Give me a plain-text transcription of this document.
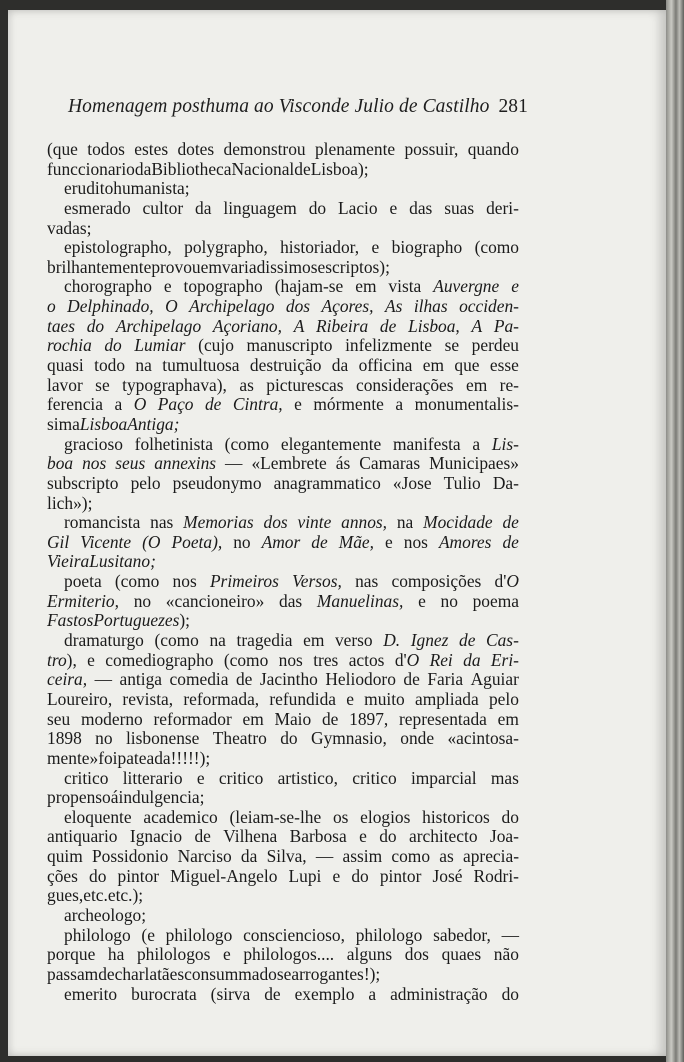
Homenagem posthuma ao Visconde Julio de Castilho 281
(que todos estes dotes demonstrou plenamente possuir, quando
funccionario da Bibliotheca Nacional de Lisboa);
erudito humanista;
esmerado cultor da linguagem do Lacio e das suas deri-
vadas;
epistolographo, polygrapho, historiador, e biographo (como
brilhantemente provou em variadissimos escriptos);
chorographo e topographo (hajam-se em vista Auvergne e
o Delphinado, O Archipelago dos Açores, As ilhas occiden-
taes do Archipelago Açoriano, A Ribeira de Lisboa, A Pa-
rochia do Lumiar (cujo manuscripto infelizmente se perdeu
quasi todo na tumultuosa destruição da officina em que esse
lavor se typographava), as picturescas considerações em re-
ferencia a O Paço de Cintra, e mórmente a monumentalis-
sima Lisboa Antiga;
gracioso folhetinista (como elegantemente manifesta a Lis-
boa nos seus annexins — «Lembrete ás Camaras Municipaes»
subscripto pelo pseudonymo anagrammatico «Jose Tulio Da-
lich»);
romancista nas Memorias dos vinte annos, na Mocidade de
Gil Vicente (O Poeta), no Amor de Mãe, e nos Amores de
Vieira Lusitano;
poeta (como nos Primeiros Versos, nas composições d'O
Ermiterio, no «cancioneiro» das Manuelinas, e no poema
Fastos Portuguezes);
dramaturgo (como na tragedia em verso D. Ignez de Cas-
tro), e comediographo (como nos tres actos d'O Rei da Eri-
ceira, — antiga comedia de Jacintho Heliodoro de Faria Aguiar
Loureiro, revista, reformada, refundida e muito ampliada pelo
seu moderno reformador em Maio de 1897, representada em
1898 no lisbonense Theatro do Gymnasio, onde «acintosa-
mente» foi pateada!!!!!);
critico litterario e critico artistico, critico imparcial mas
propenso á indulgencia;
eloquente academico (leiam-se-lhe os elogios historicos do
antiquario Ignacio de Vilhena Barbosa e do architecto Joa-
quim Possidonio Narciso da Silva, — assim como as aprecia-
ções do pintor Miguel-Angelo Lupi e do pintor José Rodri-
gues, etc. etc.);
archeologo;
philologo (e philologo consciencioso, philologo sabedor, —
porque ha philologos e philologos.... alguns dos quaes não
passam de charlatães consummados e arrogantes!);
emerito burocrata (sirva de exemplo a administração do
